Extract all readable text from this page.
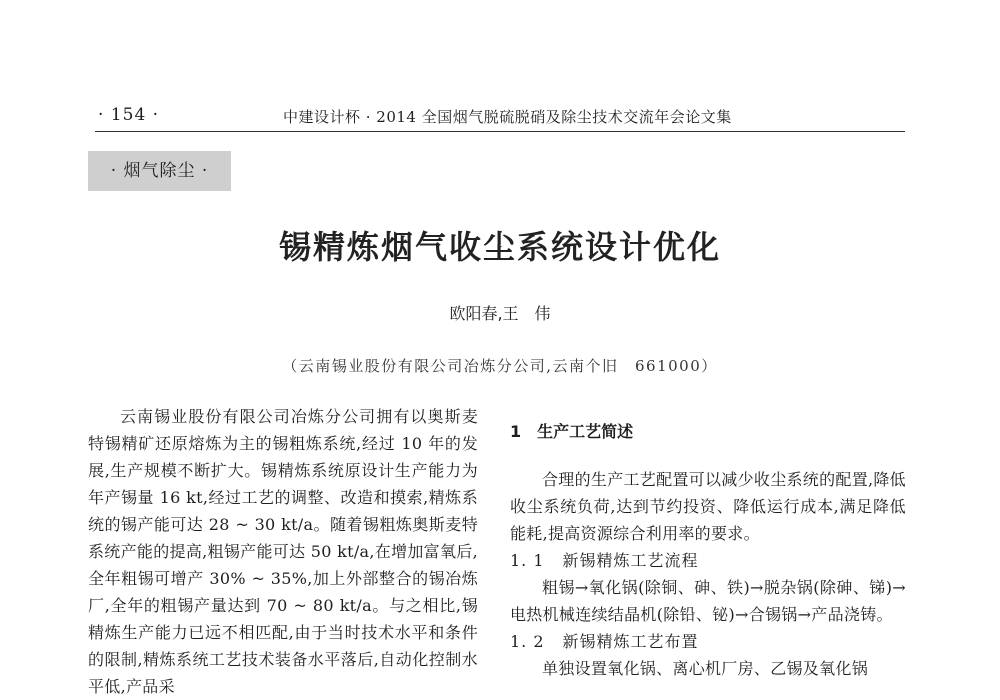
· 154 ·	中建设计杯 · 2014 全国烟气脱硫脱硝及除尘技术交流年会论文集
· 烟气除尘 ·
锡精炼烟气收尘系统设计优化
欧阳春,王　伟
（云南锡业股份有限公司冶炼分公司,云南个旧　661000）

云南锡业股份有限公司冶炼分公司拥有以奥斯麦特锡精矿还原熔炼为主的锡粗炼系统,经过 10 年的发展,生产规模不断扩大。锡精炼系统原设计生产能力为年产锡量 16 kt,经过工艺的调整、改造和摸索,精炼系统的锡产能可达 28 ~ 30 kt/a。随着锡粗炼奥斯麦特系统产能的提高,粗锡产能可达 50 kt/a,在增加富氧后,全年粗锡可增产 30% ~ 35%,加上外部整合的锡冶炼厂,全年的粗锡产量达到 70 ~ 80 kt/a。与之相比,锡精炼生产能力已远不相匹配,由于当时技术水平和条件的限制,精炼系统工艺技术装备水平落后,自动化控制水平低,产品采

1 生产工艺简述

合理的生产工艺配置可以减少收尘系统的配置,降低收尘系统负荷,达到节约投资、降低运行成本,满足降低能耗,提高资源综合利用率的要求。

1. 1 新锡精炼工艺流程

粗锡→氧化锅(除铜、砷、铁)→脱杂锅(除砷、锑)→电热机械连续结晶机(除铅、铋)→合锡锅→产品浇铸。

1. 2 新锡精炼工艺布置

单独设置氧化锅、离心机厂房、乙锡及氧化锅
